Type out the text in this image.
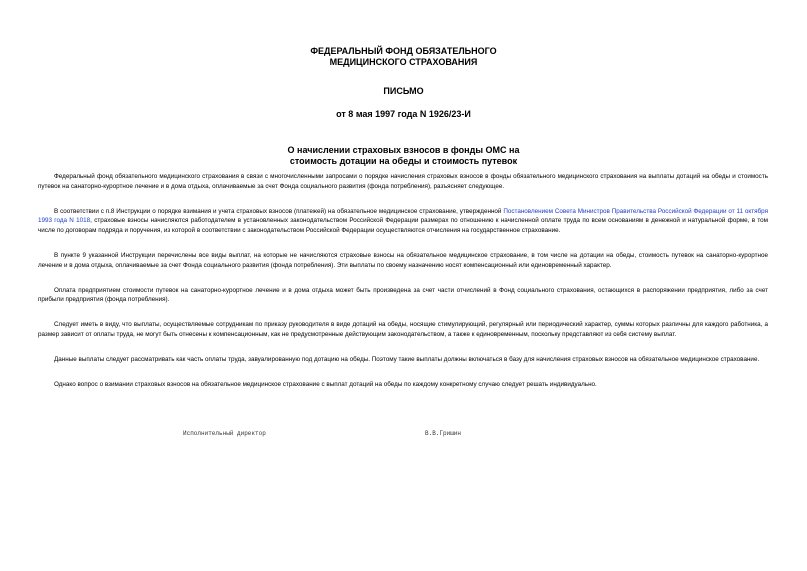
ФЕДЕРАЛЬНЫЙ ФОНД ОБЯЗАТЕЛЬНОГО
МЕДИЦИНСКОГО СТРАХОВАНИЯ
ПИСЬМО
от 8 мая 1997 года N 1926/23-И
О начислении страховых взносов в фонды ОМС на
стоимость дотации на обеды и стоимость путевок

Федеральный фонд обязательного медицинского страхования в связи с многочисленными запросами о порядке начисления страховых взносов в фонды обязательного медицинского страхования на выплаты дотаций на обеды и стоимость путевок на санаторно-курортное лечение и в дома отдыха, оплачиваемые за счет Фонда социального развития (фонда потребления), разъясняет следующее.

В соответствии с п.8 Инструкции о порядке взимания и учета страховых взносов (платежей) на обязательное медицинское страхование, утвержденной Постановлением Совета Министров Правительства Российской Федерации от 11 октября 1993 года N 1018, страховые взносы начисляются работодателем в установленных законодательством Российской Федерации размерах по отношению к начисленной оплате труда по всем основаниям в денежной и натуральной форме, в том числе по договорам подряда и поручения, из которой в соответствии с законодательством Российской Федерации осуществляются отчисления на государственное страхование.

В пункте 9 указанной Инструкции перечислены все виды выплат, на которые не начисляются страховые взносы на обязательное медицинское страхование, в том числе на дотации на обеды, стоимость путевок на санаторно-курортное лечение и в дома отдыха, оплачиваемые за счет Фонда социального развития (фонда потребления). Эти выплаты по своему назначению носят компенсационный или единовременный характер.

Оплата предприятием стоимости путевок на санаторно-курортное лечение и в дома отдыха может быть произведена за счет части отчислений в Фонд социального страхования, остающихся в распоряжении предприятия, либо за счет прибыли предприятия (фонда потребления).

Следует иметь в виду, что выплаты, осуществляемые сотрудникам по приказу руководителя в виде дотаций на обеды, носящие стимулирующий, регулярный или периодический характер, суммы которых различны для каждого работника, а размер зависит от оплаты труда, не могут быть отнесены к компенсационным, как не предусмотренные действующим законодательством, а также к единовременным, поскольку представляют из себя систему выплат.

Данные выплаты следует рассматривать как часть оплаты труда, завуалированную под дотацию на обеды. Поэтому такие выплаты должны включаться в базу для начисления страховых взносов на обязательное медицинское страхование.

Однако вопрос о взимании страховых взносов на обязательное медицинское страхование с выплат дотаций на обеды по каждому конкретному случаю следует решать индивидуально.

Исполнительный директор	В.В.Гришин
